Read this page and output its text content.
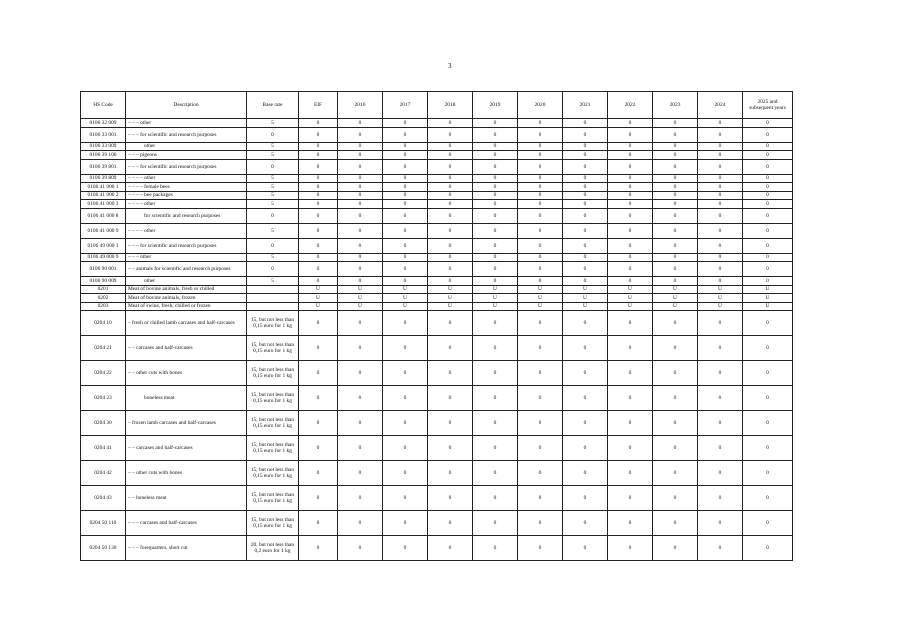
3
HS Code	Description	Base rate	EIF	2016	2017	2018	2019	2020	2021	2022	2023	2024	2025 and subsequent years
0106 32 009	– – – other	5	0	0	0	0	0	0	0	0	0	0	0
0106 33 001	– – – for scientific and research purposes	0	0	0	0	0	0	0	0	0	0	0	0
0106 33 009	other	5	0	0	0	0	0	0	0	0	0	0	0
0106 39 100	– – – pigeons	5	0	0	0	0	0	0	0	0	0	0	0
0106 39 801	– – – for scientific and research purposes	0	0	0	0	0	0	0	0	0	0	0	0
0106 39 809	– – – – other	5	0	0	0	0	0	0	0	0	0	0	0
0106 41 000 1	– – – – female bees	5	0	0	0	0	0	0	0	0	0	0	0
0106 41 000 2	– – – – bee packages	5	0	0	0	0	0	0	0	0	0	0	0
0106 41 000 3	– – – – other	5	0	0	0	0	0	0	0	0	0	0	0
0106 41 000 8	for scientific and research purposes	0	0	0	0	0	0	0	0	0	0	0	0
0106 41 000 9	– – – – other	5	0	0	0	0	0	0	0	0	0	0	0
0106 49 000 1	– – – for scientific and research purposes	0	0	0	0	0	0	0	0	0	0	0	0
0106 49 000 9	– – – other	5	0	0	0	0	0	0	0	0	0	0	0
0106 90 001	– – animals for scientific and research purposes	0	0	0	0	0	0	0	0	0	0	0	0
0106 90 009	other	5	0	0	0	0	0	0	0	0	0	0	0
0201	Meat of bovine animals, fresh or chilled		U	U	U	U	U	U	U	U	U	U	U
0202	Meat of bovine animals, frozen		U	U	U	U	U	U	U	U	U	U	U
0203	Meat of swine, fresh, chilled or frozen		U	U	U	U	U	U	U	U	U	U	U
0204 10	– fresh or chilled lamb carcases and half-carcases	15, but not less than 0,15 euro for 1 kg	0	0	0	0	0	0	0	0	0	0	0
0204 21	– – carcases and half-carcases	15, but not less than 0,15 euro for 1 kg	0	0	0	0	0	0	0	0	0	0	0
0204 22	– – other cuts with bones	15, but not less than 0,15 euro for 1 kg	0	0	0	0	0	0	0	0	0	0	0
0204 23	boneless meat	15, but not less than 0,15 euro for 1 kg	0	0	0	0	0	0	0	0	0	0	0
0204 30	– frozen lamb carcases and half-carcases	15, but not less than 0,15 euro for 1 kg	0	0	0	0	0	0	0	0	0	0	0
0204 41	– – carcases and half-carcases	15, but not less than 0,15 euro for 1 kg	0	0	0	0	0	0	0	0	0	0	0
0204 42	– – other cuts with bones	15, but not less than 0,15 euro for 1 kg	0	0	0	0	0	0	0	0	0	0	0
0204 43	– – boneless meat	15, but not less than 0,15 euro for 1 kg	0	0	0	0	0	0	0	0	0	0	0
0204 50 110	– – – carcases and half-carcases	15, but not less than 0,15 euro for 1 kg	0	0	0	0	0	0	0	0	0	0	0
0204 50 130	– – – forequarters, short cut	20, but not less than 0,2 euro for 1 kg	0	0	0	0	0	0	0	0	0	0	0
